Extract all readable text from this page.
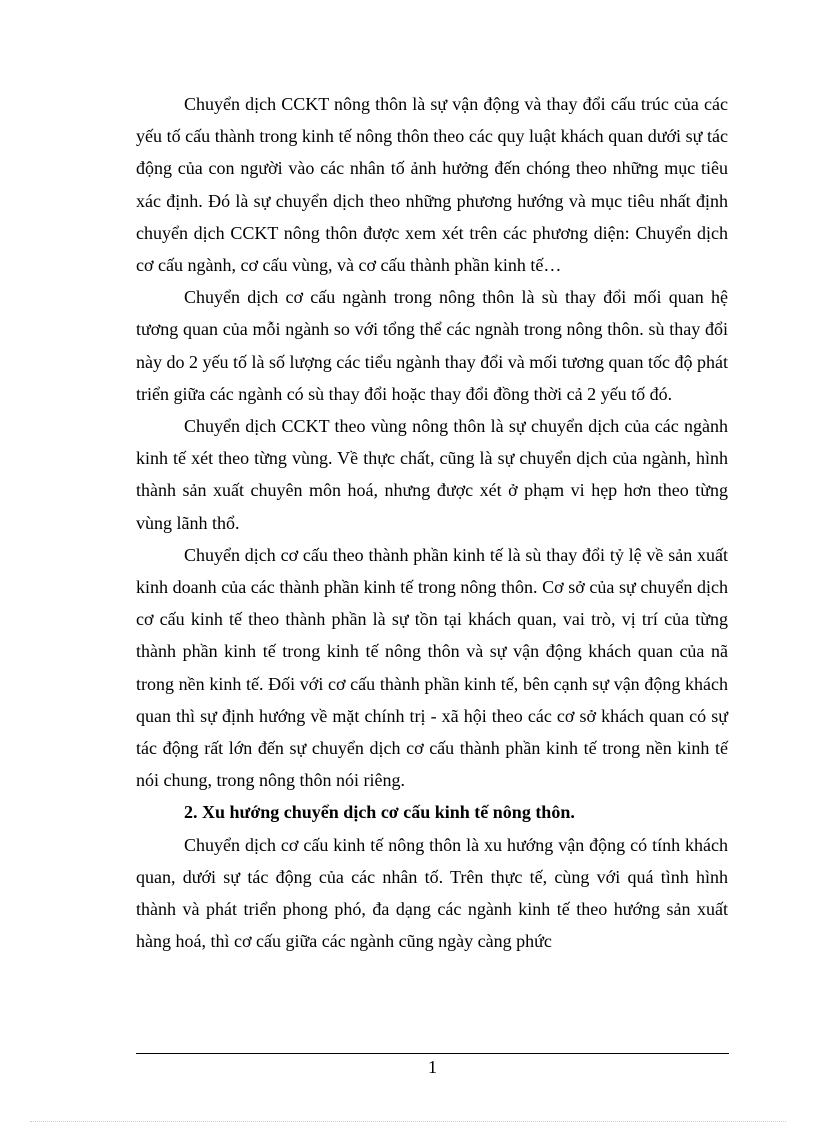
Chuyển dịch CCKT nông thôn là sự vận động và thay đổi cấu trúc của các yếu tố cấu thành trong kinh tế nông thôn theo các quy luật khách quan dưới sự tác động của con người vào các nhân tố ảnh hưởng đến chóng theo những mục tiêu xác định. Đó là sự chuyển dịch theo những phương hướng và mục tiêu nhất định chuyển dịch CCKT nông thôn được xem xét trên các phương diện: Chuyển dịch cơ cấu ngành, cơ cấu vùng, và cơ cấu thành phần kinh tế…

Chuyển dịch cơ cấu ngành trong nông thôn là sù thay đổi mối quan hệ tương quan của mỗi ngành so với tổng thể các ngnàh trong nông thôn. sù thay đổi này do 2 yếu tố là số lượng các tiểu ngành thay đổi và mối tương quan tốc độ phát triển giữa các ngành có sù thay đổi hoặc thay đổi đồng thời cả 2 yếu tố đó.

Chuyển dịch CCKT theo vùng nông thôn là sự chuyển dịch của các ngành kinh tế xét theo từng vùng. Về thực chất, cũng là sự chuyển dịch của ngành, hình thành sản xuất chuyên môn hoá, nhưng được xét ở phạm vi hẹp hơn theo từng vùng lãnh thổ.

Chuyển dịch cơ cấu theo thành phần kinh tế là sù thay đổi tỷ lệ về sản xuất kinh doanh của các thành phần kinh tế trong nông thôn. Cơ sở của sự chuyển dịch cơ cấu kinh tế theo thành phần là sự tồn tại khách quan, vai trò, vị trí của từng thành phần kinh tế trong kinh tế nông thôn và sự vận động khách quan của nã trong nền kinh tế. Đối với cơ cấu thành phần kinh tế, bên cạnh sự vận động khách quan thì sự định hướng về mặt chính trị - xã hội theo các cơ sở khách quan có sự tác động rất lớn đến sự chuyển dịch cơ cấu thành phần kinh tế trong nền kinh tế nói chung, trong nông thôn nói riêng.

2. Xu hướng chuyển dịch cơ cấu kinh tế nông thôn.

Chuyển dịch cơ cấu kinh tế nông thôn là xu hướng vận động có tính khách quan, dưới sự tác động của các nhân tố. Trên thực tế, cùng với quá tình hình thành và phát triển phong phó, đa dạng các ngành kinh tế theo hướng sản xuất hàng hoá, thì cơ cấu giữa các ngành cũng ngày càng phức

1
